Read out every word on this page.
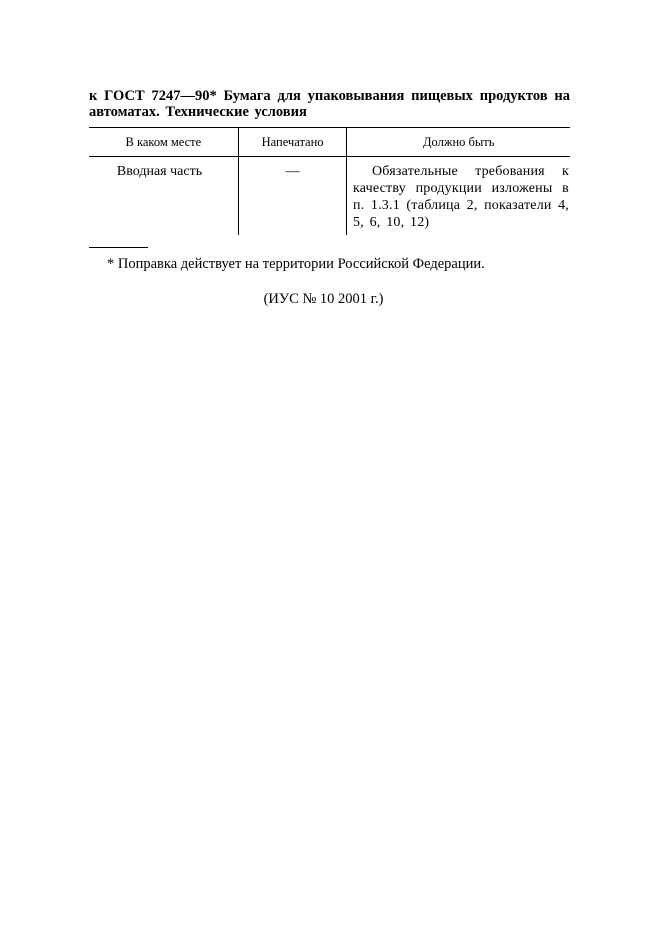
к ГОСТ 7247—90* Бумага для упаковывания пищевых продуктов на автоматах. Технические условия
В каком месте	Напечатано	Должно быть
Вводная часть	—	Обязательные требования к качеству продукции изложены в п. 1.3.1 (таблица 2, показатели 4, 5, 6, 10, 12)
* Поправка действует на территории Российской Федерации.
(ИУС № 10 2001 г.)
